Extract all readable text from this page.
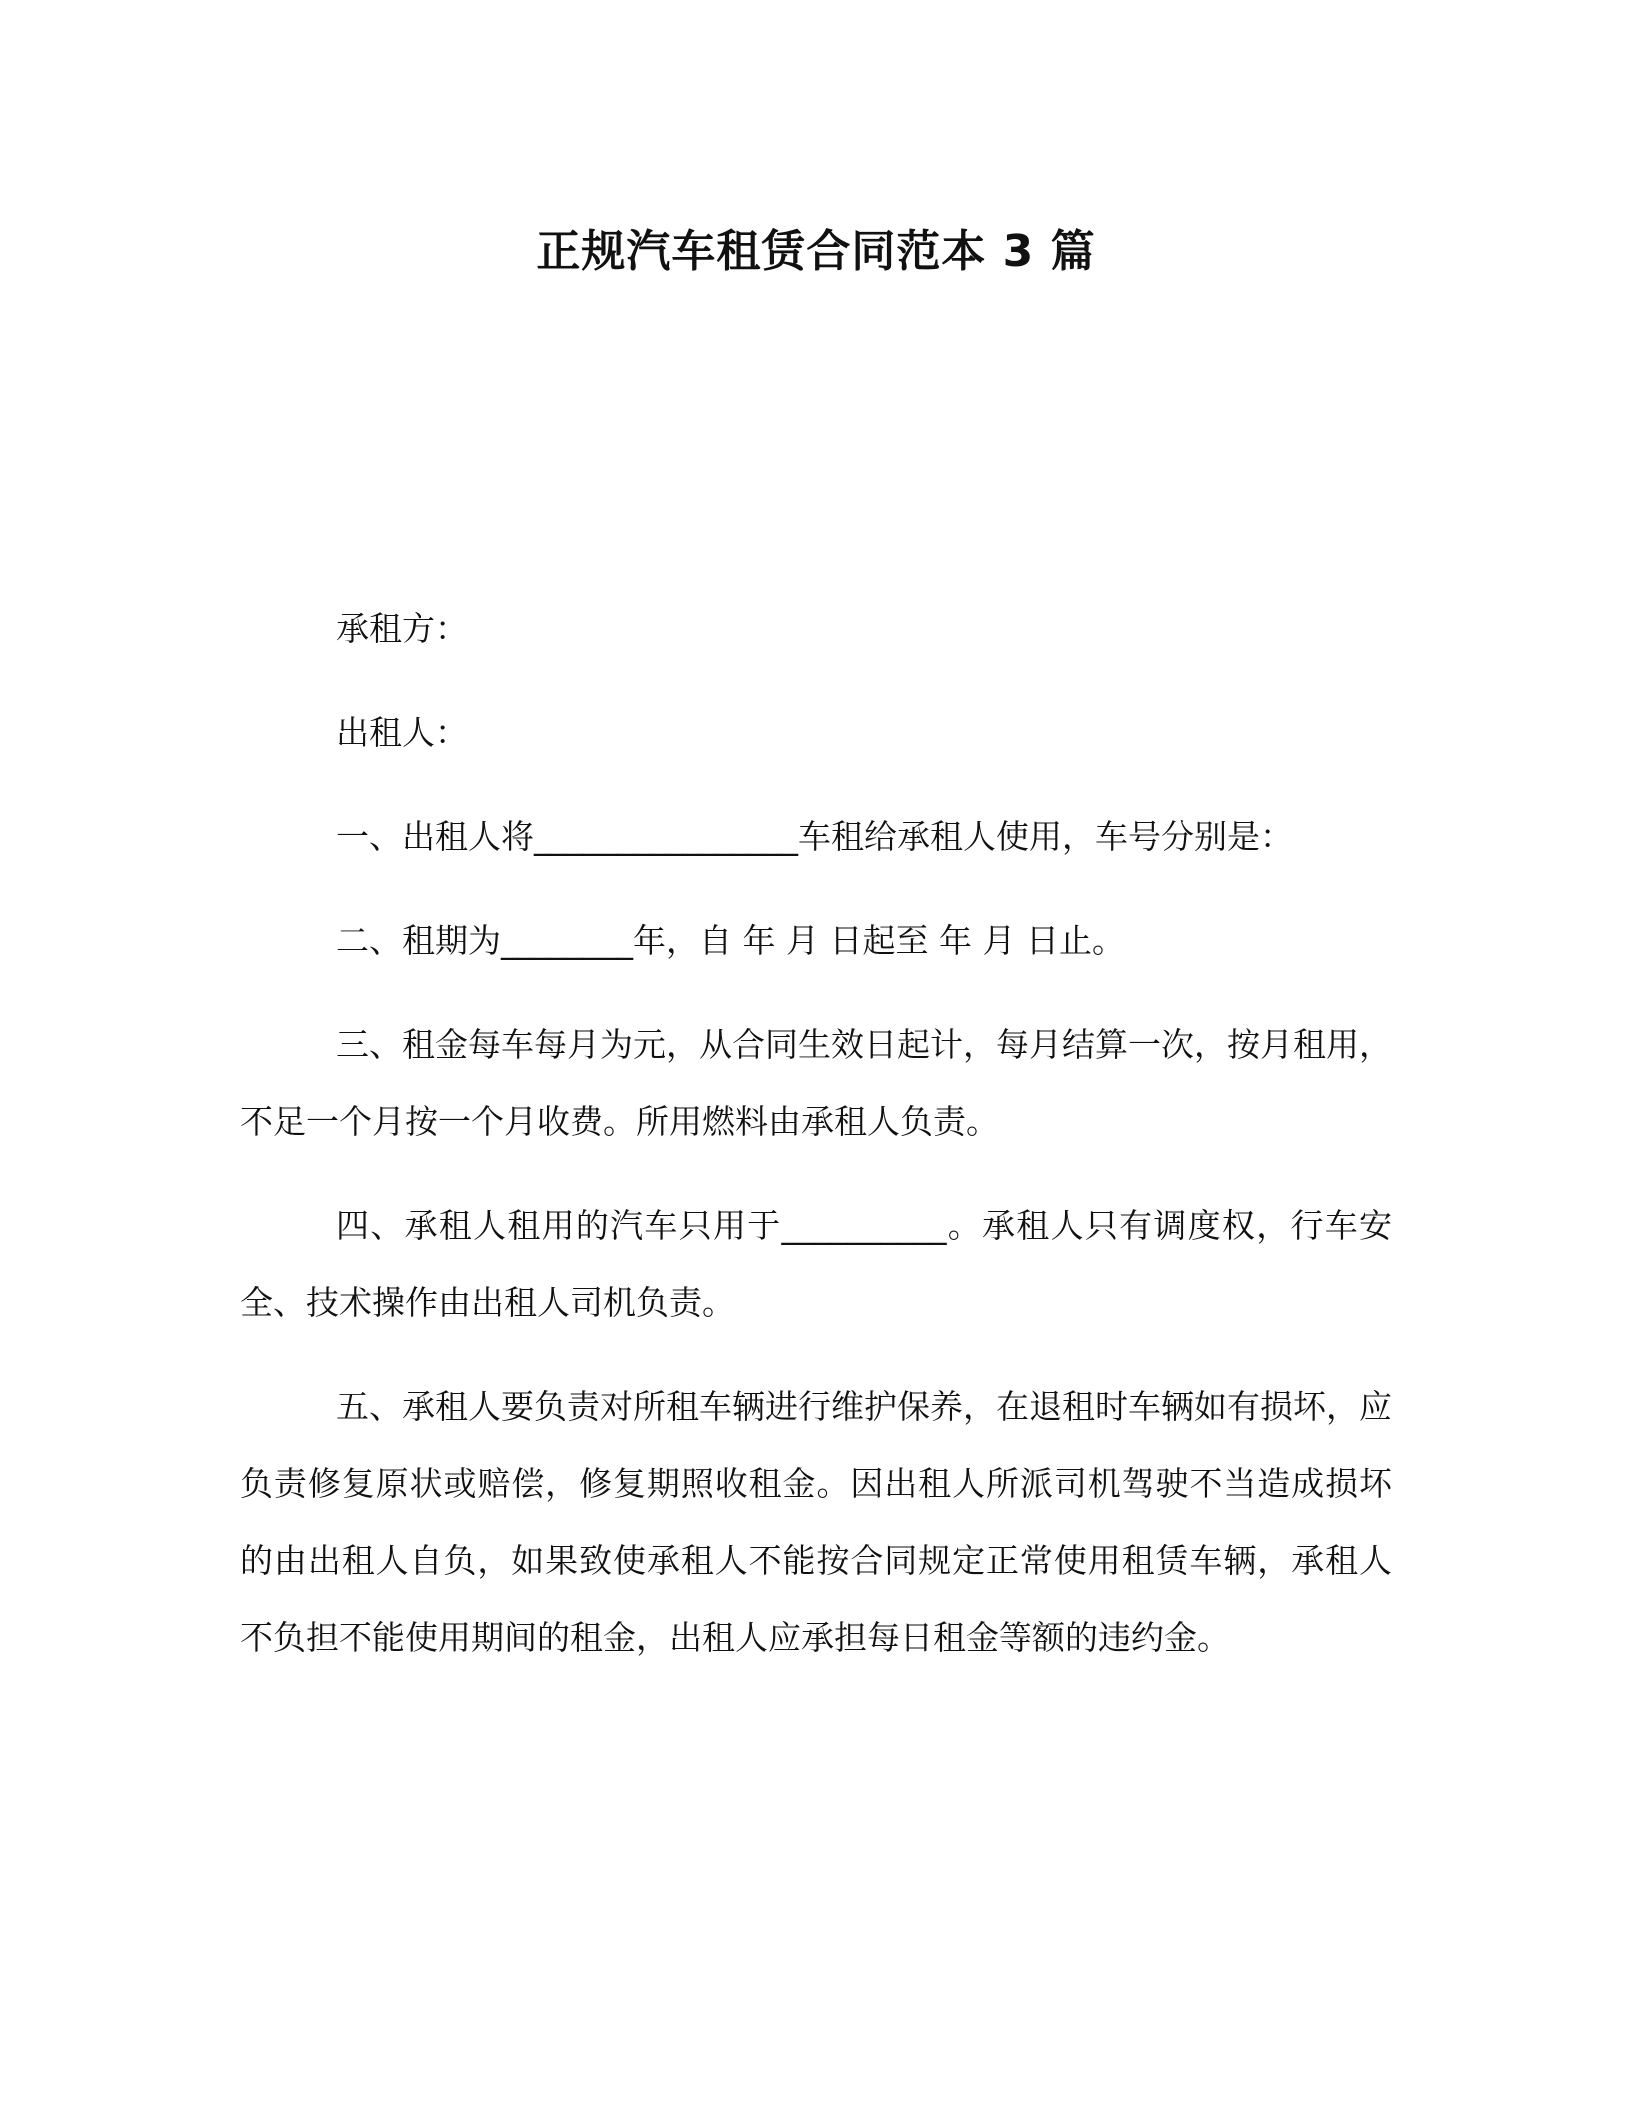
正规汽车租赁合同范本 3 篇

承租方：

出租人：

一、出租人将________________车租给承租人使用，车号分别是：

二、租期为________年，自 年 月 日起至 年 月 日止。

三、租金每车每月为元，从合同生效日起计，每月结算一次，按月租用，不足一个月按一个月收费。所用燃料由承租人负责。

四、承租人租用的汽车只用于__________。承租人只有调度权，行车安全、技术操作由出租人司机负责。

五、承租人要负责对所租车辆进行维护保养，在退租时车辆如有损坏，应负责修复原状或赔偿，修复期照收租金。因出租人所派司机驾驶不当造成损坏的由出租人自负，如果致使承租人不能按合同规定正常使用租赁车辆，承租人不负担不能使用期间的租金，出租人应承担每日租金等额的违约金。
